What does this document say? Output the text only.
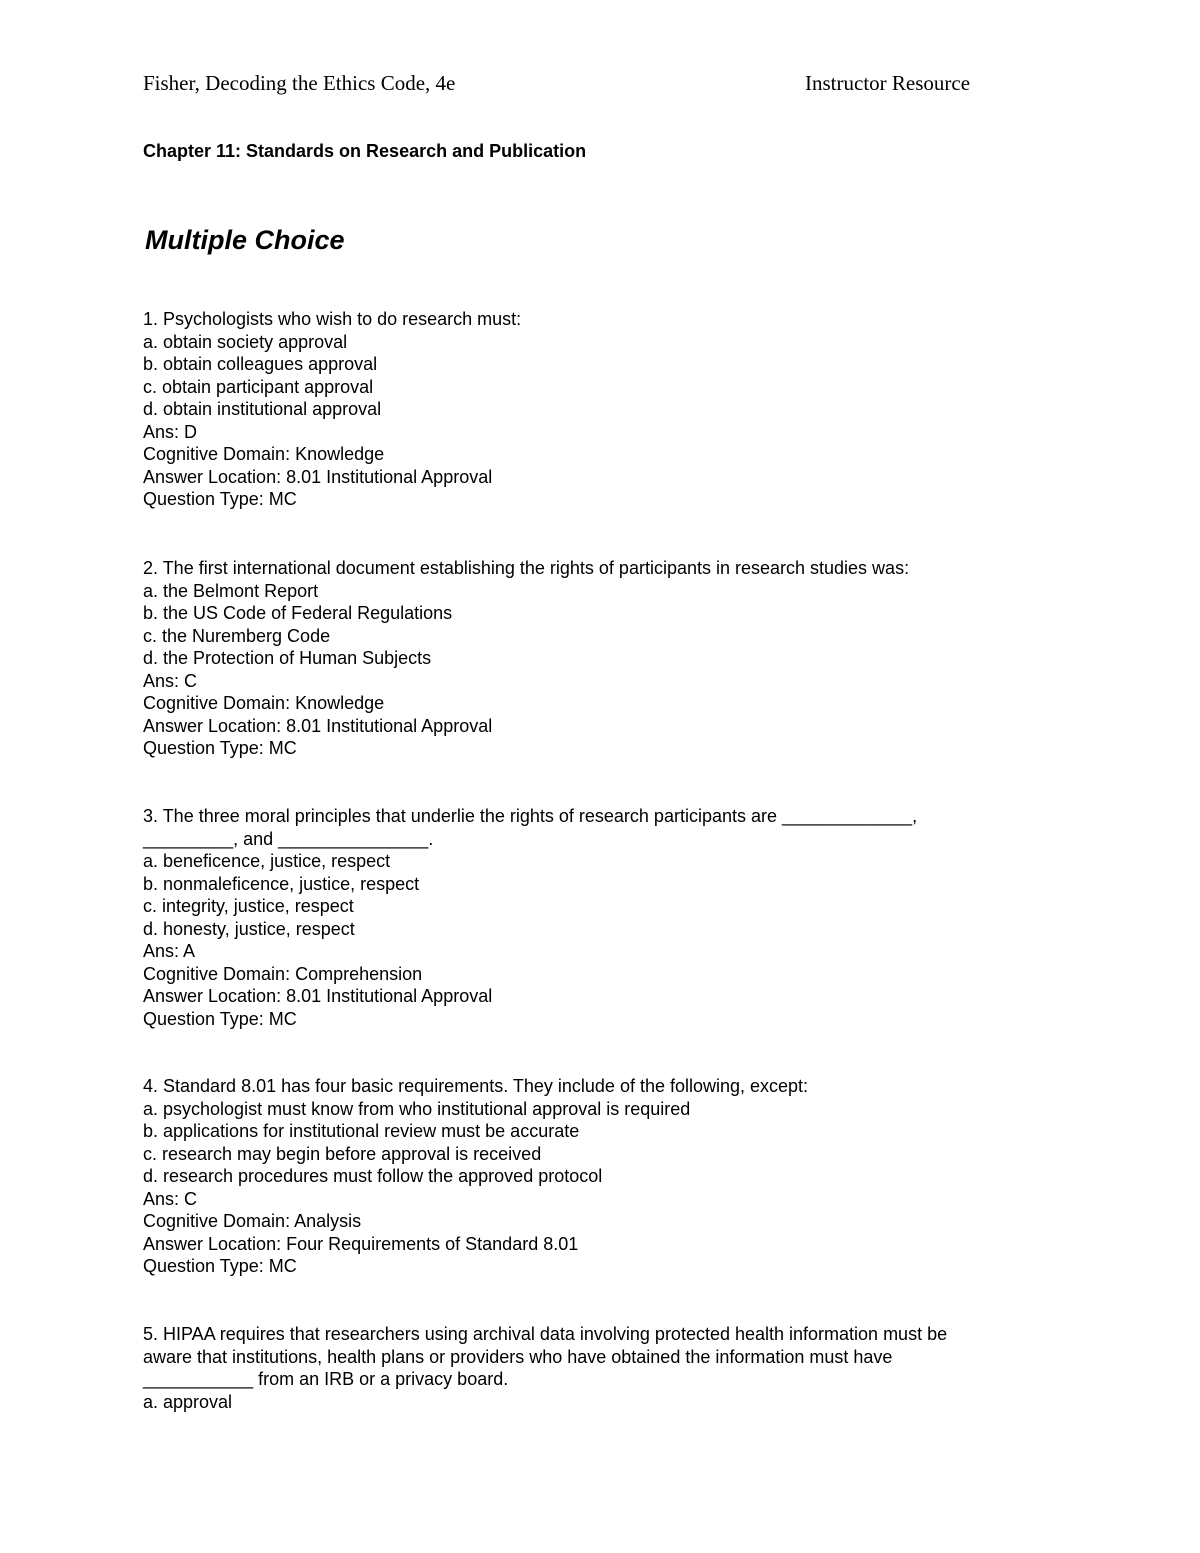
Fisher, Decoding the Ethics Code, 4e	Instructor Resource
Chapter 11: Standards on Research and Publication
Multiple Choice
1. Psychologists who wish to do research must:
a. obtain society approval
b. obtain colleagues approval
c. obtain participant approval
d. obtain institutional approval
Ans: D
Cognitive Domain: Knowledge
Answer Location: 8.01 Institutional Approval
Question Type: MC
2. The first international document establishing the rights of participants in research studies was:
a. the Belmont Report
b. the US Code of Federal Regulations
c. the Nuremberg Code
d. the Protection of Human Subjects
Ans: C
Cognitive Domain: Knowledge
Answer Location: 8.01 Institutional Approval
Question Type: MC
3. The three moral principles that underlie the rights of research participants are _____________,
_________, and _______________.
a. beneficence, justice, respect
b. nonmaleficence, justice, respect
c. integrity, justice, respect
d. honesty, justice, respect
Ans: A
Cognitive Domain: Comprehension
Answer Location: 8.01 Institutional Approval
Question Type: MC
4. Standard 8.01 has four basic requirements. They include of the following, except:
a. psychologist must know from who institutional approval is required
b. applications for institutional review must be accurate
c. research may begin before approval is received
d. research procedures must follow the approved protocol
Ans: C
Cognitive Domain: Analysis
Answer Location: Four Requirements of Standard 8.01
Question Type: MC
5. HIPAA requires that researchers using archival data involving protected health information must be
aware that institutions, health plans or providers who have obtained the information must have
___________ from an IRB or a privacy board.
a. approval
